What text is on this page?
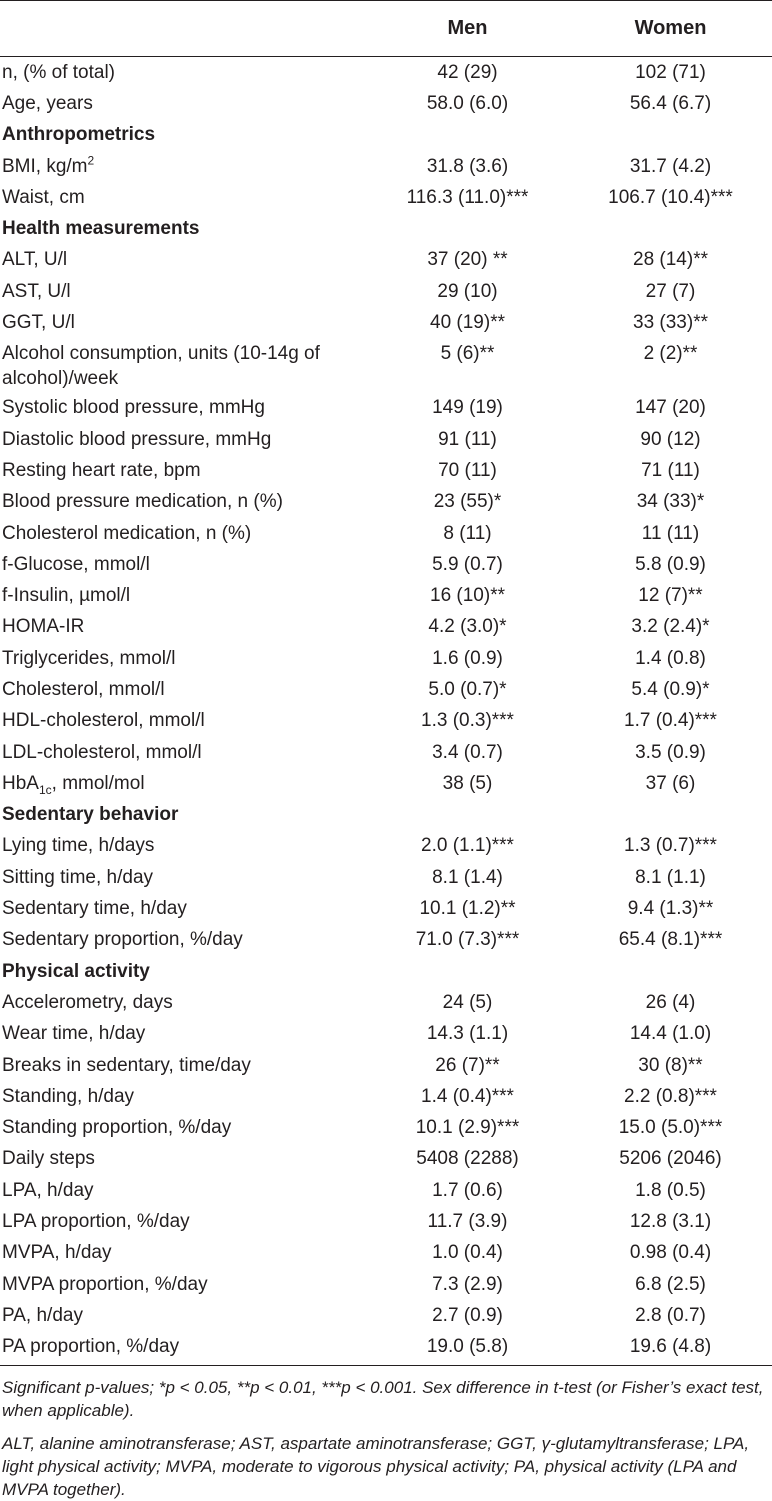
	Men	Women
n, (% of total)	42 (29)	102 (71)
Age, years	58.0 (6.0)	56.4 (6.7)
Anthropometrics		
BMI, $kg/m^2$	31.8 (3.6)	31.7 (4.2)
Waist, cm	116.3 (11.0)***	106.7 (10.4)***
Health measurements		
ALT, U/l	37 (20) **	28 (14)**
AST, U/l	29 (10)	27 (7)
GGT, U/l	40 (19)**	33 (33)**
Alcohol consumption, units (10-14g of alcohol)/week	5 (6)**	2 (2)**
Systolic blood pressure, mmHg	149 (19)	147 (20)
Diastolic blood pressure, mmHg	91 (11)	90 (12)
Resting heart rate, bpm	70 (11)	71 (11)
Blood pressure medication, n (%)	23 (55)*	34 (33)*
Cholesterol medication, n (%)	8 (11)	11 (11)
f-Glucose, mmol/l	5.9 (0.7)	5.8 (0.9)
f-Insulin, µmol/l	16 (10)**	12 (7)**
HOMA-IR	4.2 (3.0)*	3.2 (2.4)*
Triglycerides, mmol/l	1.6 (0.9)	1.4 (0.8)
Cholesterol, mmol/l	5.0 (0.7)*	5.4 (0.9)*
HDL-cholesterol, mmol/l	1.3 (0.3)***	1.7 (0.4)***
LDL-cholesterol, mmol/l	3.4 (0.7)	3.5 (0.9)
HbA$_{1c}$, mmol/mol	38 (5)	37 (6)
Sedentary behavior		
Lying time, h/days	2.0 (1.1)***	1.3 (0.7)***
Sitting time, h/day	8.1 (1.4)	8.1 (1.1)
Sedentary time, h/day	10.1 (1.2)**	9.4 (1.3)**
Sedentary proportion, %/day	71.0 (7.3)***	65.4 (8.1)***
Physical activity		
Accelerometry, days	24 (5)	26 (4)
Wear time, h/day	14.3 (1.1)	14.4 (1.0)
Breaks in sedentary, time/day	26 (7)**	30 (8)**
Standing, h/day	1.4 (0.4)***	2.2 (0.8)***
Standing proportion, %/day	10.1 (2.9)***	15.0 (5.0)***
Daily steps	5408 (2288)	5206 (2046)
LPA, h/day	1.7 (0.6)	1.8 (0.5)
LPA proportion, %/day	11.7 (3.9)	12.8 (3.1)
MVPA, h/day	1.0 (0.4)	0.98 (0.4)
MVPA proportion, %/day	7.3 (2.9)	6.8 (2.5)
PA, h/day	2.7 (0.9)	2.8 (0.7)
PA proportion, %/day	19.0 (5.8)	19.6 (4.8)

Significant p-values; *p < 0.05, **p < 0.01, ***p < 0.001. Sex difference in t-test (or Fisher’s exact test, when applicable).

ALT, alanine aminotransferase; AST, aspartate aminotransferase; GGT, γ-glutamyltransferase; LPA, light physical activity; MVPA, moderate to vigorous physical activity; PA, physical activity (LPA and MVPA together).
